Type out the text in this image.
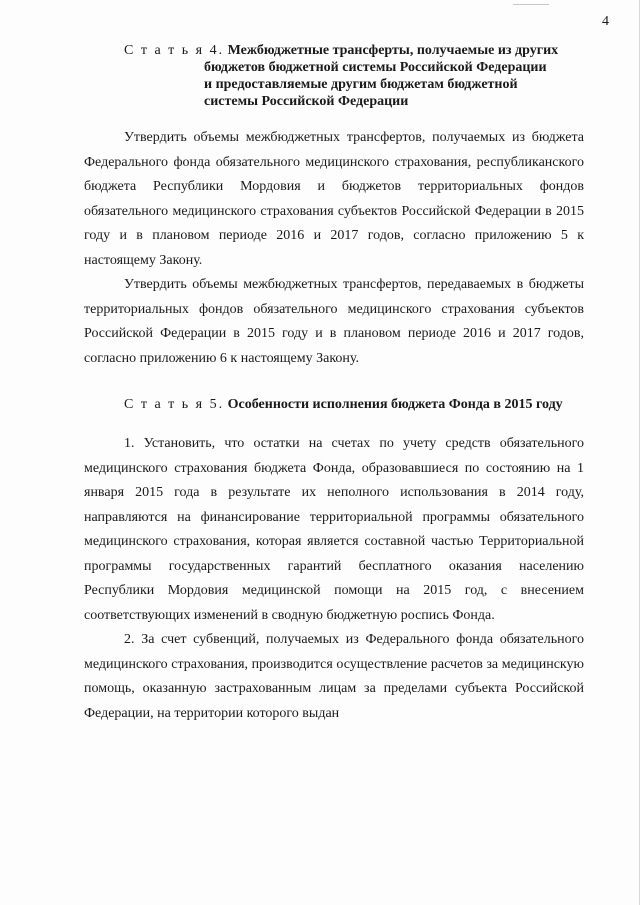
4
С т а т ь я 4. Межбюджетные трансферты, получаемые из других
бюджетов бюджетной системы Российской Федерации
и предоставляемые другим бюджетам бюджетной
системы Российской Федерации

Утвердить объемы межбюджетных трансфертов, получаемых из бюджета Федерального фонда обязательного медицинского страхования, республиканского бюджета Республики Мордовия и бюджетов территориальных фондов обязательного медицинского страхования субъектов Российской Федерации в 2015 году и в плановом периоде 2016 и 2017 годов, согласно приложению 5 к настоящему Закону.

Утвердить объемы межбюджетных трансфертов, передаваемых в бюджеты территориальных фондов обязательного медицинского страхования субъектов Российской Федерации в 2015 году и в плановом периоде 2016 и 2017 годов, согласно приложению 6 к настоящему Закону.

С т а т ь я 5. Особенности исполнения бюджета Фонда в 2015 году

1. Установить, что остатки на счетах по учету средств обязательного медицинского страхования бюджета Фонда, образовавшиеся по состоянию на 1 января 2015 года в результате их неполного использования в 2014 году, направляются на финансирование территориальной программы обязательного медицинского страхования, которая является составной частью Территориальной программы государственных гарантий бесплатного оказания населению Республики Мордовия медицинской помощи на 2015 год, с внесением соответствующих изменений в сводную бюджетную роспись Фонда.

2. За счет субвенций, получаемых из Федерального фонда обязательного медицинского страхования, производится осуществление расчетов за медицинскую помощь, оказанную застрахованным лицам за пределами субъекта Российской Федерации, на территории которого выдан
